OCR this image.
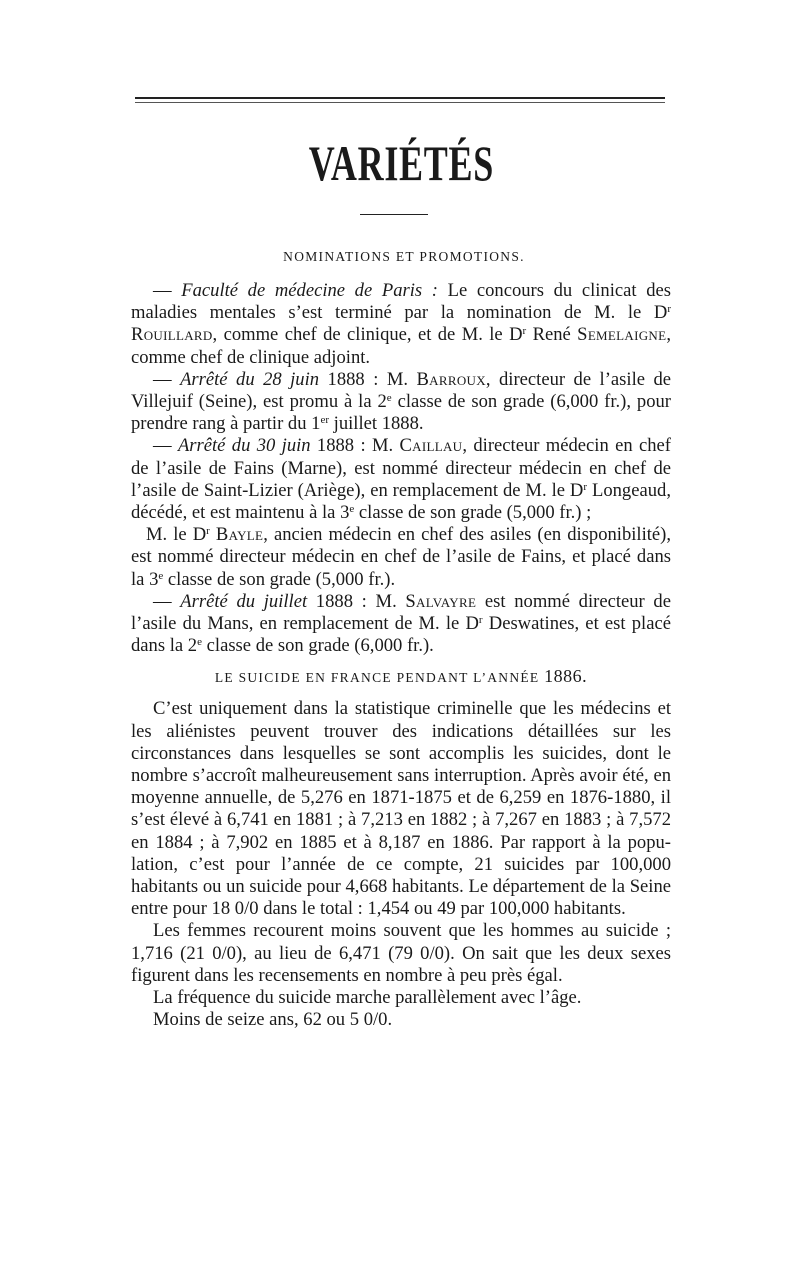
VARIÉTÉS
NOMINATIONS ET PROMOTIONS.

— Faculté de médecine de Paris : Le concours du clinicat des maladies mentales s’est terminé par la nomination de M. le $D^r$ Rouillard, comme chef de clinique, et de M. le $D^r$ René Semelaigne, comme chef de clinique adjoint.

— Arrêté du 28 juin 1888 : M. Barroux, directeur de l’asile de Villejuif (Seine), est promu à la 2e classe de son grade (6,000 fr.), pour prendre rang à partir du 1er juillet 1888.

— Arrêté du 30 juin 1888 : M. Caillau, directeur médecin en chef de l’asile de Fains (Marne), est nommé directeur médecin en chef de l’asile de Saint-Lizier (Ariège), en remplacement de M. le $D^r$ Longeaud, décédé, et est maintenu à la 3e classe de son grade (5,000 fr.) ;

M. le $D^r$ Bayle, ancien médecin en chef des asiles (en disponibilité), est nommé directeur médecin en chef de l’asile de Fains, et placé dans la 3e classe de son grade (5,000 fr.).

— Arrêté du juillet 1888 : M. Salvayre est nommé directeur de l’asile du Mans, en remplacement de M. le $D^r$ Deswatines, et est placé dans la 2e classe de son grade (6,000 fr.).

LE SUICIDE EN FRANCE PENDANT L’ANNÉE 1886.

C’est uniquement dans la statistique criminelle que les médecins et les aliénistes peuvent trouver des indications détaillées sur les circonstances dans lesquelles se sont accomplis les suicides, dont le nombre s’accroît malheureusement sans interruption. Après avoir été, en moyenne annuelle, de 5,276 en 1871-1875 et de 6,259 en 1876-1880, il s’est élevé à 6,741 en 1881 ; à 7,213 en 1882 ; à 7,267 en 1883 ; à 7,572 en 1884 ; à 7,902 en 1885 et à 8,187 en 1886. Par rapport à la population, c’est pour l’année de ce compte, 21 suicides par 100,000 habitants ou un suicide pour 4,668 habitants. Le département de la Seine entre pour 18 0/0 dans le total : 1,454 ou 49 par 100,000 habitants.

Les femmes recourent moins souvent que les hommes au suicide ; 1,716 (21 0/0), au lieu de 6,471 (79 0/0). On sait que les deux sexes figurent dans les recensements en nombre à peu près égal.

La fréquence du suicide marche parallèlement avec l’âge.

Moins de seize ans, 62 ou 5 0/0.
